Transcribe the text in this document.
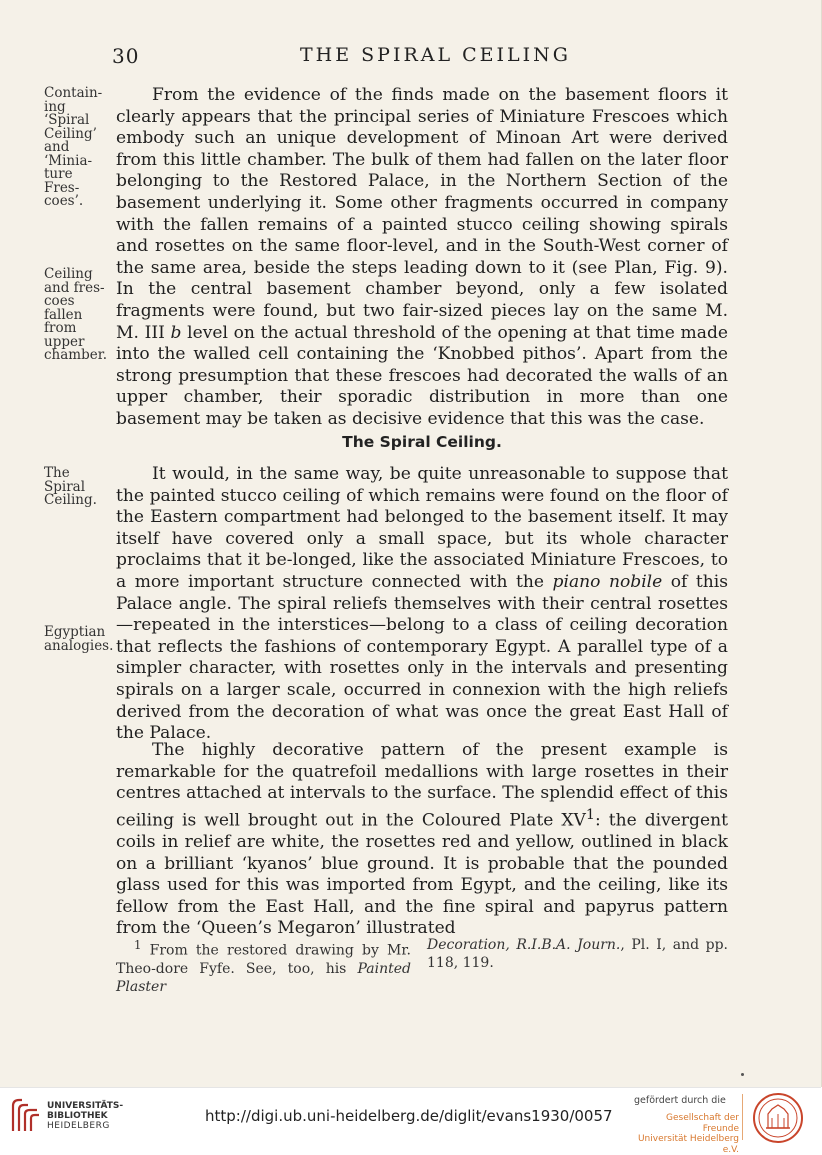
30	THE SPIRAL CEILING
Contain-
ing
‘Spiral
Ceiling’
and
‘Minia-
ture
Fres-
coes’.
Ceiling
and fres-
coes
fallen
from
upper
chamber.
The
Spiral
Ceiling.
Egyptian
analogies.

From the evidence of the finds made on the basement floors it clearly appears that the principal series of Miniature Frescoes which embody such an unique development of Minoan Art were derived from this little chamber. The bulk of them had fallen on the later floor belonging to the Restored Palace, in the Northern Section of the basement underlying it. Some other fragments occurred in company with the fallen remains of a painted stucco ceiling showing spirals and rosettes on the same floor-level, and in the South-West corner of the same area, beside the steps leading down to it (see Plan, Fig. 9). In the central basement chamber beyond, only a few isolated fragments were found, but two fair-sized pieces lay on the same M. M. III b level on the actual threshold of the opening at that time made into the walled cell containing the ‘Knobbed pithos’. Apart from the strong presumption that these frescoes had decorated the walls of an upper chamber, their sporadic distribution in more than one basement may be taken as decisive evidence that this was the case.

The Spiral Ceiling.

It would, in the same way, be quite unreasonable to suppose that the painted stucco ceiling of which remains were found on the floor of the Eastern compartment had belonged to the basement itself. It may itself have covered only a small space, but its whole character proclaims that it be-longed, like the associated Miniature Frescoes, to a more important structure connected with the piano nobile of this Palace angle. The spiral reliefs themselves with their central rosettes—repeated in the interstices—belong to a class of ceiling decoration that reflects the fashions of contemporary Egypt. A parallel type of a simpler character, with rosettes only in the intervals and presenting spirals on a larger scale, occurred in connexion with the high reliefs derived from the decoration of what was once the great East Hall of the Palace.

The highly decorative pattern of the present example is remarkable for the quatrefoil medallions with large rosettes in their centres attached at intervals to the surface. The splendid effect of this ceiling is well brought out in the Coloured Plate $XV^1$: the divergent coils in relief are white, the rosettes red and yellow, outlined in black on a brilliant ‘kyanos’ blue ground. It is probable that the pounded glass used for this was imported from Egypt, and the ceiling, like its fellow from the East Hall, and the fine spiral and papyrus pattern from the ‘Queen’s Megaron’ illustrated

$^1$ From the restored drawing by Mr. Theo-dore Fyfe. See, too, his Painted Plaster
Decoration, R.I.B.A. Journ., Pl. I, and pp. 118, 119.
UNIVERSITÄTS-
BIBLIOTHEK
HEIDELBERG
http://digi.ub.uni-heidelberg.de/diglit/evans1930/0057
gefördert durch die
Gesellschaft der Freunde
Universität Heidelberg e.V.
